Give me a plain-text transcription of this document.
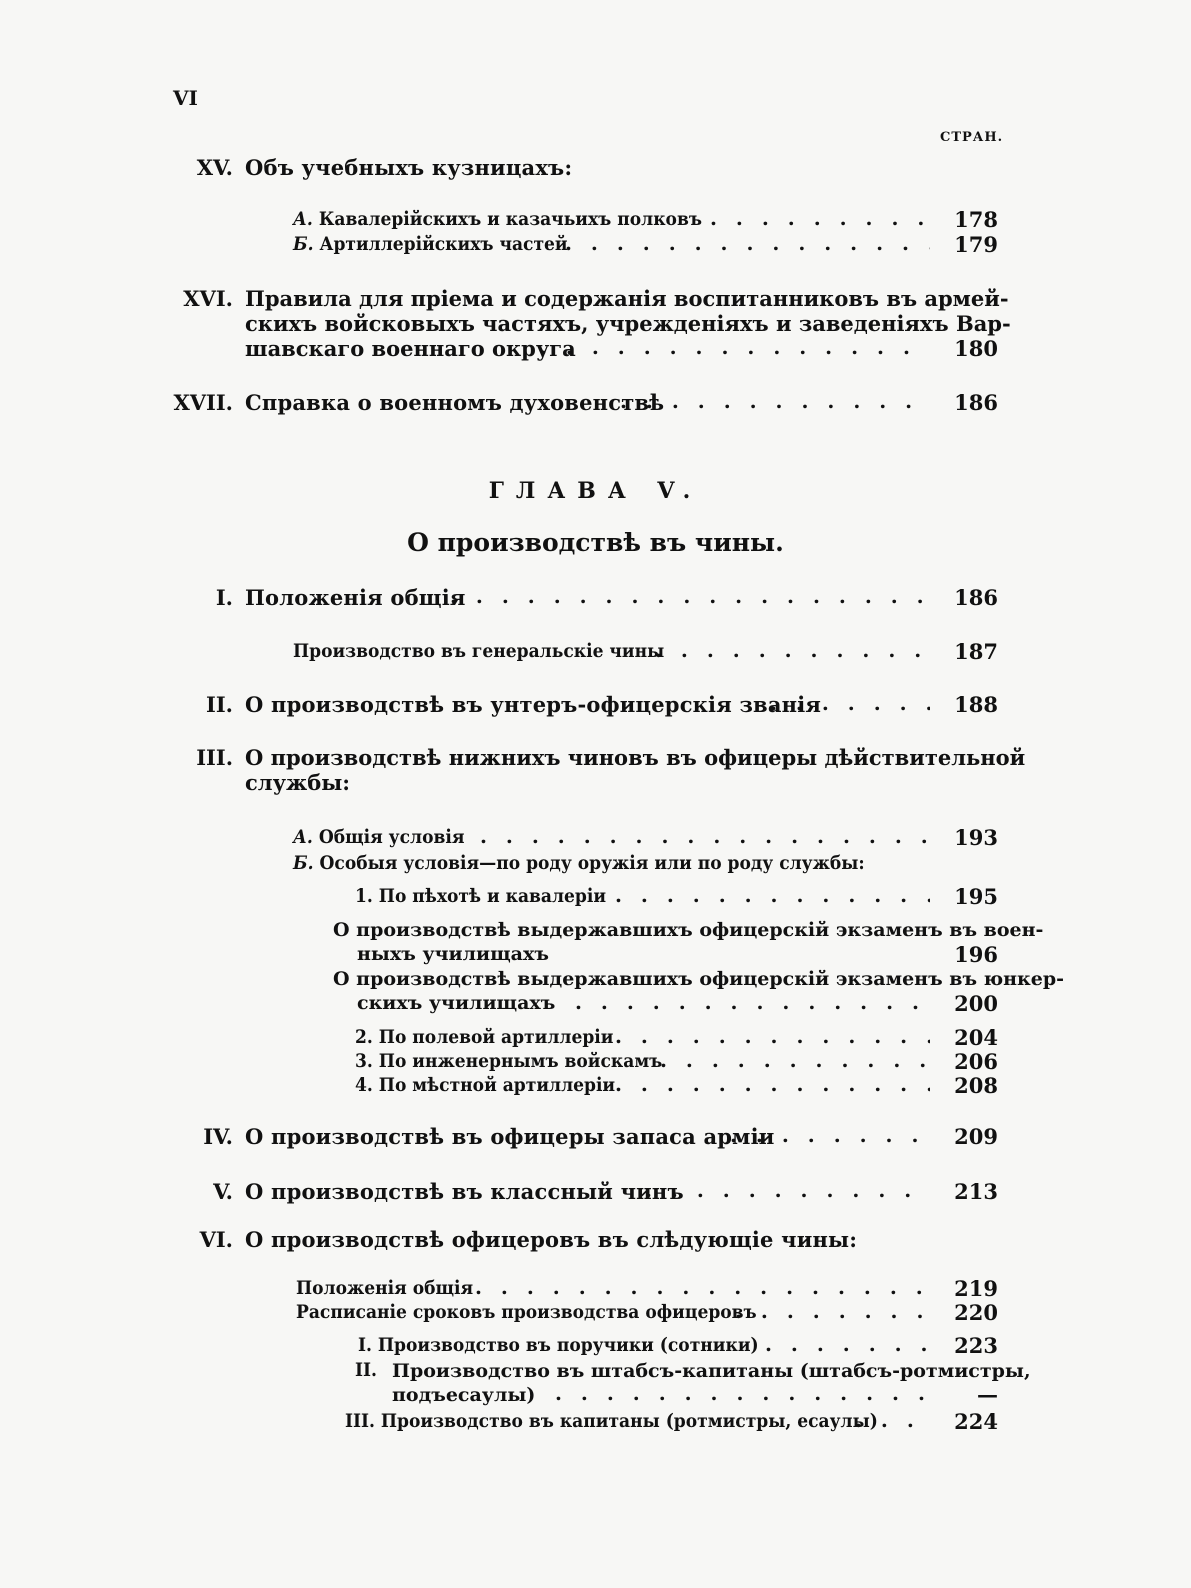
VI
СТРАН.
XV. Объ учебныхъ кузницахъ:
А. Кавалерійскихъ и казачьихъ полковъ . . .	178
Б. Артиллерійскихъ частей . . .	179
XVI. Правила для пріема и содержанія воспитанниковъ въ армей-
скихъ войсковыхъ частяхъ, учрежденіяхъ и заведеніяхъ Вар-
шавскаго военнаго округа . . .	180
XVII. Справка о военномъ духовенствѣ . . .	186
ГЛАВА V.
О производствѣ въ чины.
I. Положенія общія . . .	186
Производство въ генеральскіе чины . . .	187
II. О производствѣ въ унтеръ-офицерскія званія . . .	188
III. О производствѣ нижнихъ чиновъ въ офицеры дѣйствительной
службы:
А. Общія условія . . .	193
Б. Особыя условія—по роду оружія или по роду службы:
1. По пѣхотѣ и кавалеріи . . .	195
О производствѣ выдержавшихъ офицерскій экзаменъ въ воен-
ныхъ училищахъ	196
О производствѣ выдержавшихъ офицерскій экзаменъ въ юнкер-
скихъ училищахъ . . .	200
2. По полевой артиллеріи . . .	204
3. По инженернымъ войскамъ . . .	206
4. По мѣстной артиллеріи . . .	208
IV. О производствѣ въ офицеры запаса арміи . . .	209
V. О производствѣ въ классный чинъ . . .	213
VI. О производствѣ офицеровъ въ слѣдующіе чины:
Положенія общія . . .	219
Расписаніе сроковъ производства офицеровъ . . .	220
I. Производство въ поручики (сотники) . . .	223
II. Производство въ штабсъ-капитаны (штабсъ-ротмистры,
подъесаулы) . . .	—
III. Производство въ капитаны (ротмистры, есаулы) . . .	224
